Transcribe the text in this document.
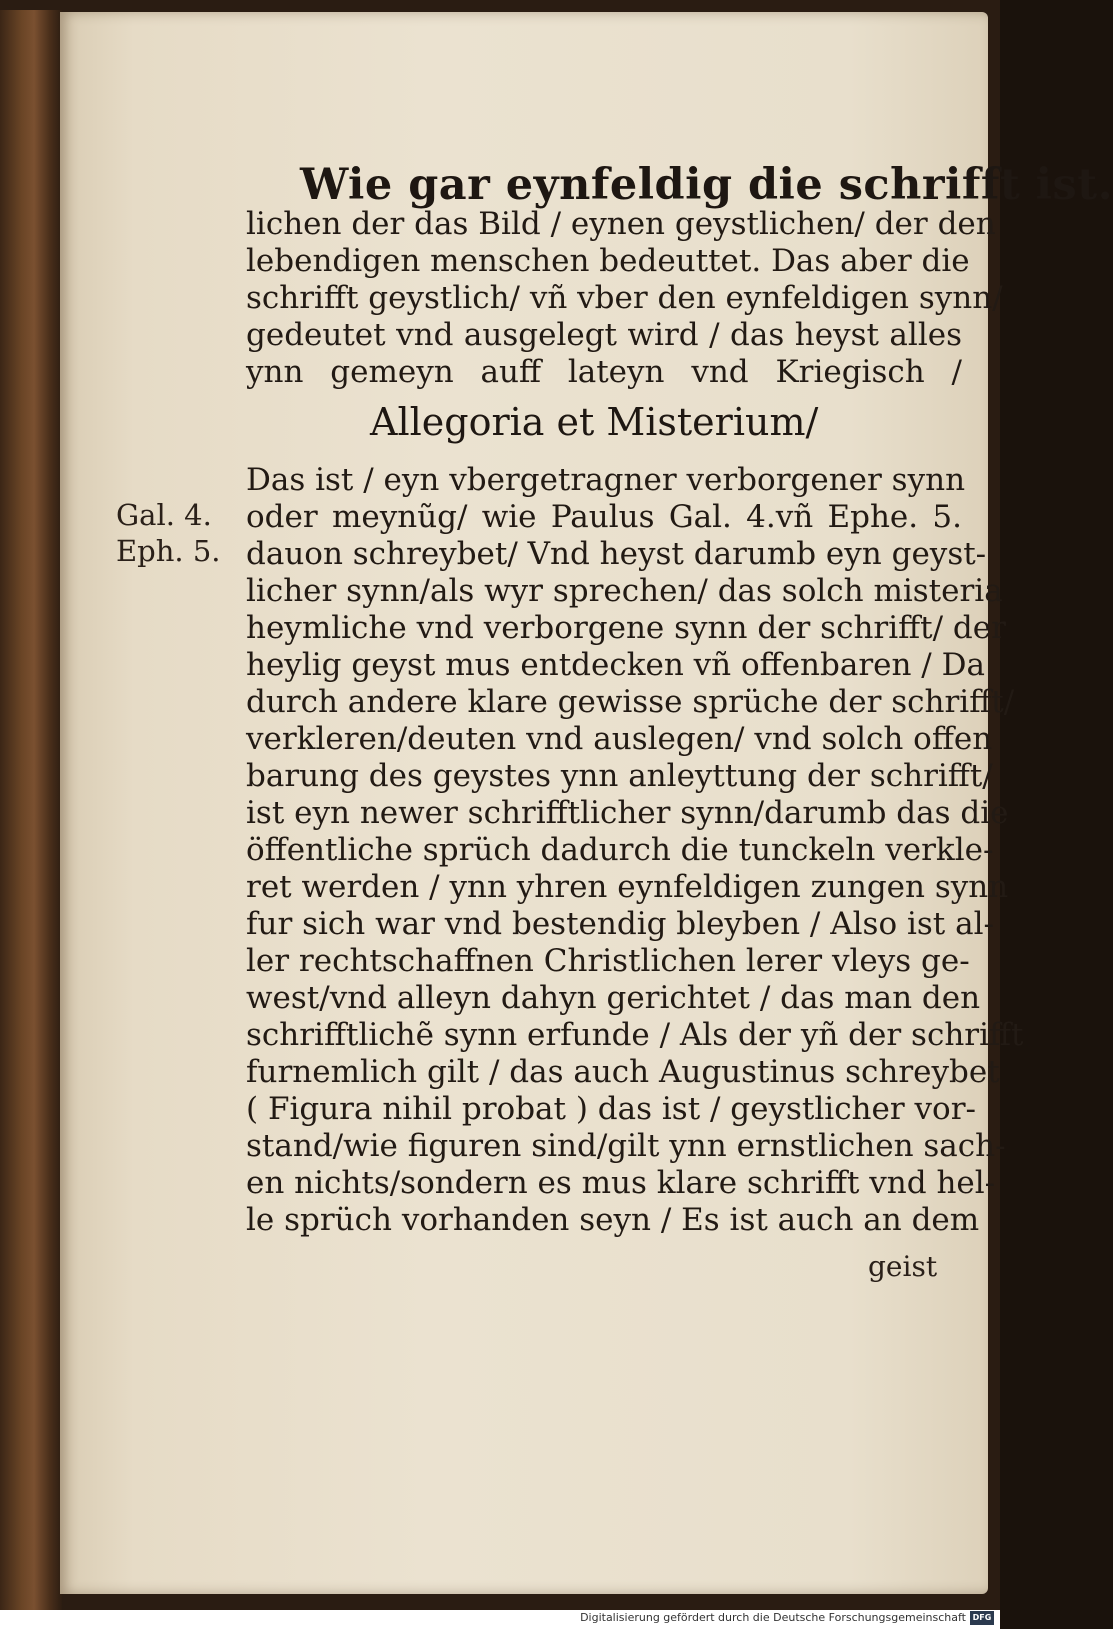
Wie gar eynfeldig die schrifft ist.
lichen der das Bild / eynen geystlichen/ der den
lebendigen menschen bedeuttet. Das aber die
schrifft geystlich/ vñ vber den eynfeldigen synn/
gedeutet vnd ausgelegt wird / das heyst alles
ynn gemeyn auff lateyn vnd Kriegisch /
Allegoria et Misterium/
Gal. 4.
Eph. 5.
Das ist / eyn vbergetragner verborgener synn
oder meynũg/ wie Paulus Gal. 4.vñ Ephe. 5.
dauon schreybet/ Vnd heyst darumb eyn geyst-
licher synn/als wyr sprechen/ das solch misteria
heymliche vnd verborgene synn der schrifft/ der
heylig geyst mus entdecken vñ offenbaren / Da
durch andere klare gewisse sprüche der schrifft/
verkleren/deuten vnd auslegen/ vnd solch offen
barung des geystes ynn anleyttung der schrifft/
ist eyn newer schrifftlicher synn/darumb das die
öffentliche sprüch dadurch die tunckeln verkle-
ret werden / ynn yhren eynfeldigen zungen synn
fur sich war vnd bestendig bleyben / Also ist al-
ler rechtschaffnen Christlichen lerer vleys ge-
west/vnd alleyn dahyn gerichtet / das man den
schrifftlichẽ synn erfunde / Als der yñ der schrifft
furnemlich gilt / das auch Augustinus schreybet
( Figura nihil probat ) das ist / geystlicher vor-
stand/wie figuren sind/gilt ynn ernstlichen sach-
en nichts/sondern es mus klare schrifft vnd hel-
le sprüch vorhanden seyn / Es ist auch an dem
geist
Digitalisierung gefördert durch die Deutsche Forschungsgemeinschaft DFG
